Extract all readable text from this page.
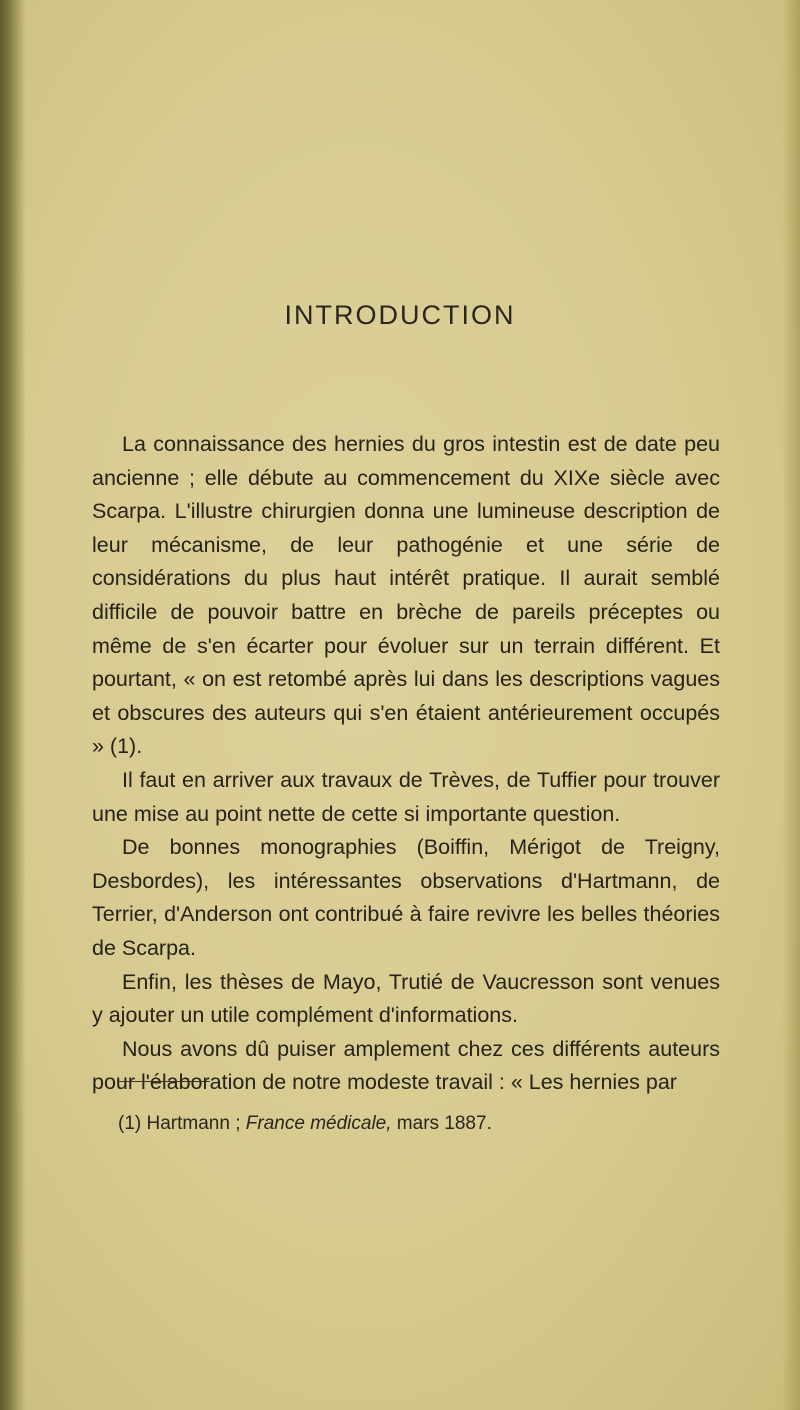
INTRODUCTION

La connaissance des hernies du gros intestin est de date peu ancienne ; elle débute au commencement du XIXe siècle avec Scarpa. L'illustre chirurgien donna une lumineuse description de leur mécanisme, de leur pathogénie et une série de considérations du plus haut intérêt pratique. Il aurait semblé difficile de pouvoir battre en brèche de pareils préceptes ou même de s'en écarter pour évoluer sur un terrain différent. Et pourtant, « on est retombé après lui dans les descriptions vagues et obscures des auteurs qui s'en étaient antérieurement occupés » (1).

Il faut en arriver aux travaux de Trèves, de Tuffier pour trouver une mise au point nette de cette si importante question.

De bonnes monographies (Boiffin, Mérigot de Treigny, Desbordes), les intéressantes observations d'Hartmann, de Terrier, d'Anderson ont contribué à faire revivre les belles théories de Scarpa.

Enfin, les thèses de Mayo, Trutié de Vaucresson sont venues y ajouter un utile complément d'informations.

Nous avons dû puiser amplement chez ces différents auteurs pour l'élaboration de notre modeste travail : « Les hernies par

(1) Hartmann ; France médicale, mars 1887.
